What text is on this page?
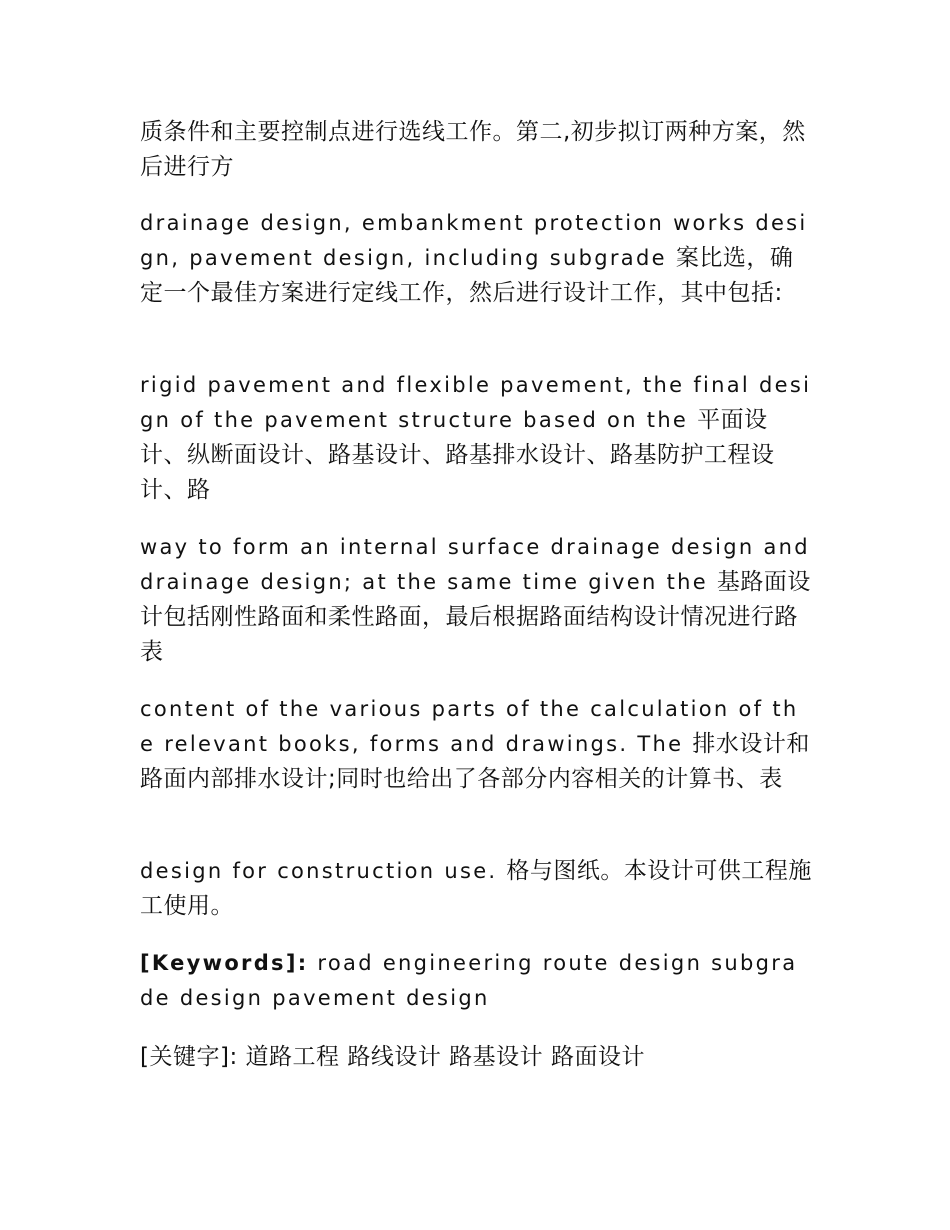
质条件和主要控制点进行选线工作。第二,初步拟订两种方案，然后进行方

drainage design, embankment protection works design, pavement design, including subgrade 案比选，确定一个最佳方案进行定线工作，然后进行设计工作，其中包括:

rigid pavement and flexible pavement, the final design of the pavement structure based on the 平面设计、纵断面设计、路基设计、路基排水设计、路基防护工程设计、路

way to form an internal surface drainage design and drainage design; at the same time given the 基路面设计包括刚性路面和柔性路面，最后根据路面结构设计情况进行路表

content of the various parts of the calculation of the relevant books, forms and drawings. The 排水设计和路面内部排水设计;同时也给出了各部分内容相关的计算书、表

design for construction use. 格与图纸。本设计可供工程施工使用。

[Keywords]: road engineering route design subgrade design pavement design

[关键字]: 道路工程 路线设计 路基设计 路面设计
